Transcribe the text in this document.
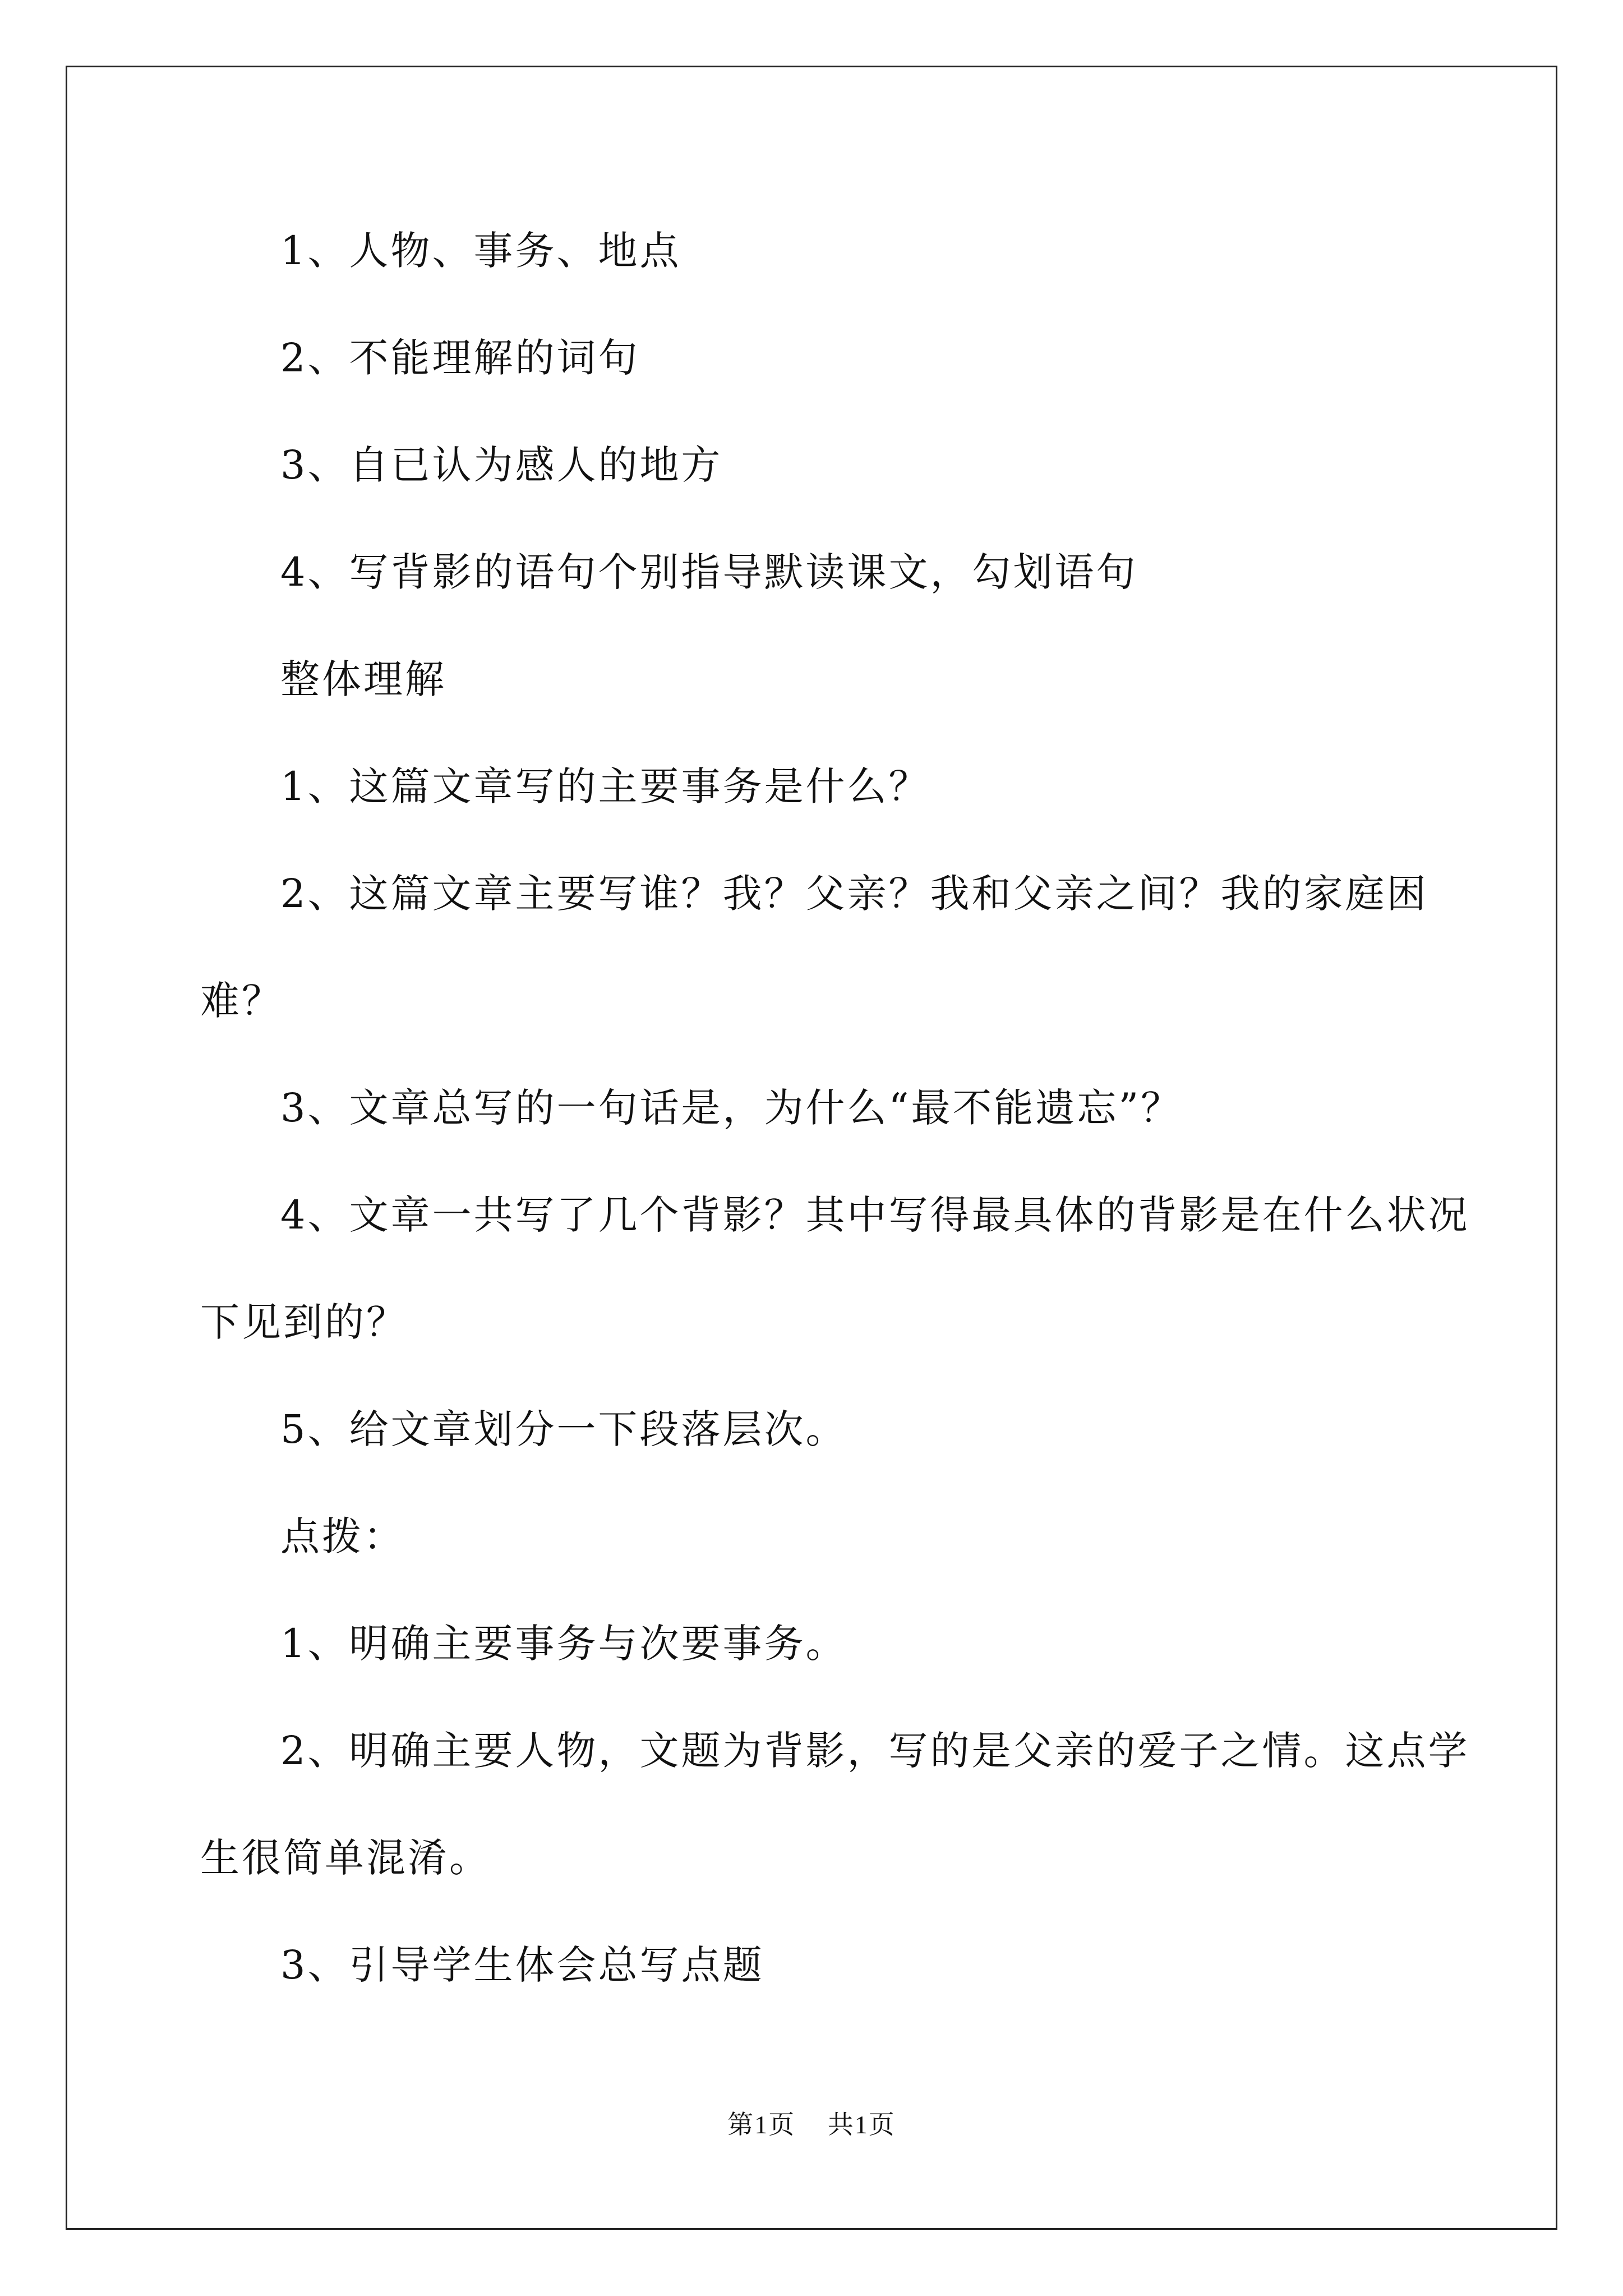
1、人物、事务、地点
2、不能理解的词句
3、自已认为感人的地方
4、写背影的语句个别指导默读课文，勾划语句
整体理解
1、这篇文章写的主要事务是什么？
2、这篇文章主要写谁？我？父亲？我和父亲之间？我的家庭困
难？
3、文章总写的一句话是，为什么“最不能遗忘”？
4、文章一共写了几个背影？其中写得最具体的背影是在什么状况
下见到的？
5、给文章划分一下段落层次。
点拨：
1、明确主要事务与次要事务。
2、明确主要人物，文题为背影，写的是父亲的爱子之情。这点学
生很简单混淆。
3、引导学生体会总写点题
第1页 共1页
